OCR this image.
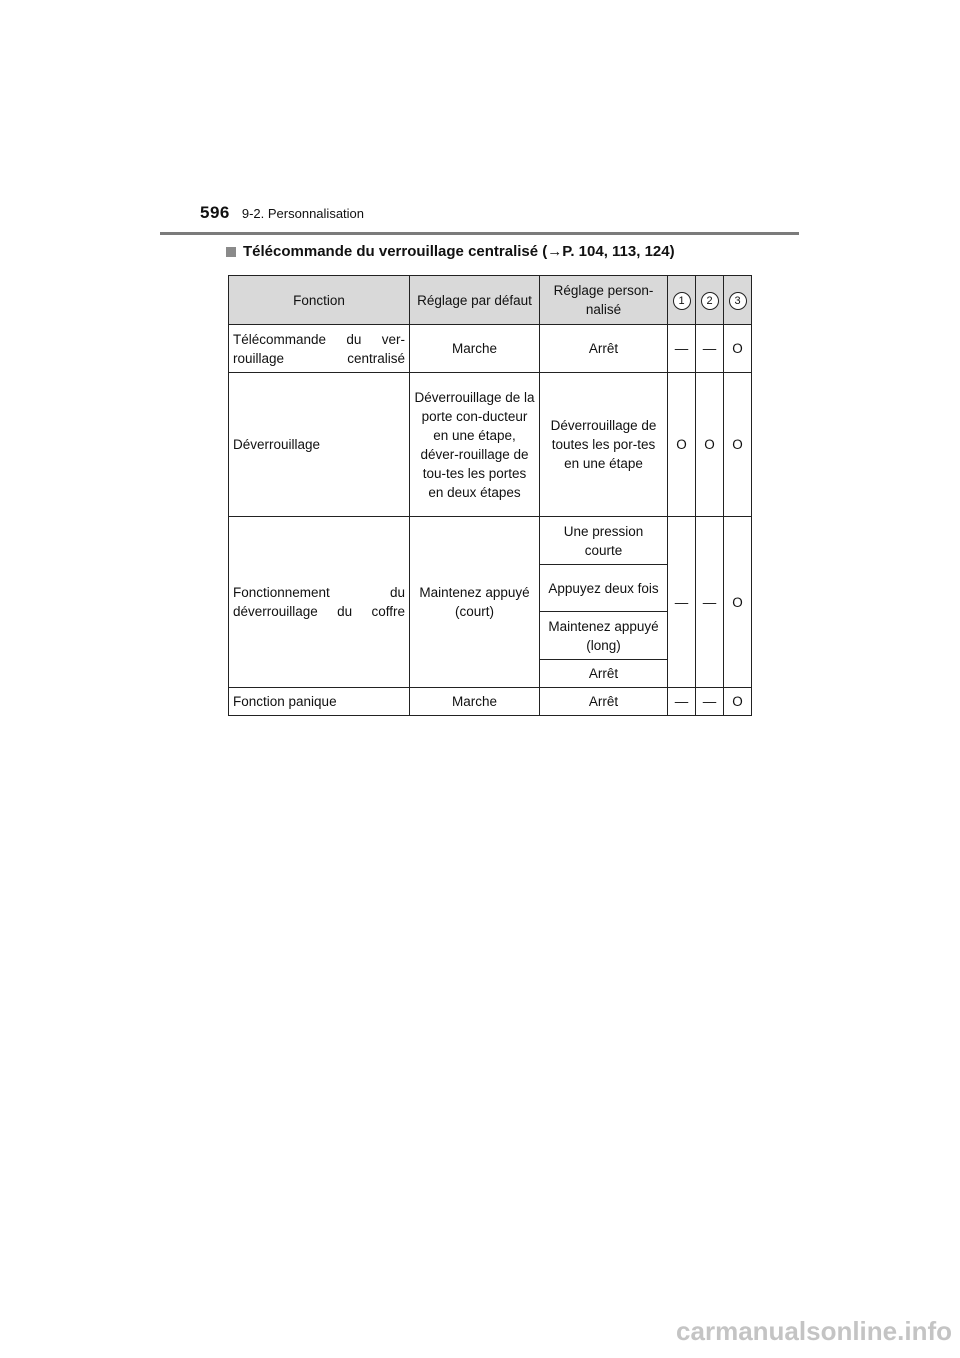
596 9-2. Personnalisation
Télécommande du verrouillage centralisé (→P. 104, 113, 124)
Fonction	Réglage par défaut	Réglage person-nalisé	1	2	3
Télécommande du ver-rouillage centralisé	Marche	Arrêt	—	—	O
Déverrouillage	Déverrouillage de la porte con-ducteur en une étape, déver-rouillage de tou-tes les portes en deux étapes	Déverrouillage de toutes les por-tes en une étape	O	O	O
Fonctionnement du déverrouillage du coffre	Maintenez appuyé (court)	Une pression courte	—	—	O
		Appuyez deux fois			
		Maintenez appuyé (long)			
		Arrêt			
Fonction panique	Marche	Arrêt	—	—	O
carmanualsonline.info
